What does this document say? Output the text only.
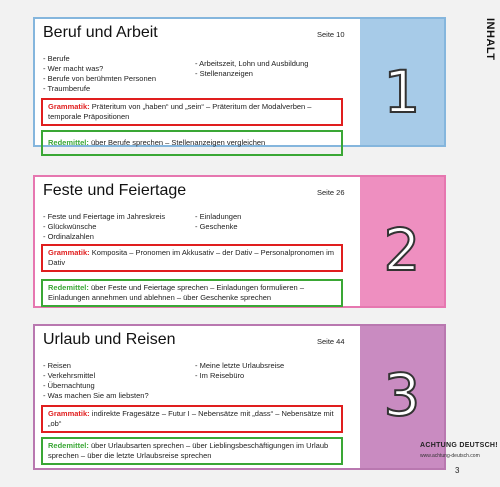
INHALT
1
Beruf und Arbeit	Seite 10
- Berufe
- Wer macht was?
- Berufe von berühmten Personen
- Traumberufe
- Arbeitszeit, Lohn und Ausbildung
- Stellenanzeigen
Grammatik: Präteritum von „haben“ und „sein“ – Präteritum der Modalverben – temporale Präpositionen
Redemittel: über Berufe sprechen – Stellenanzeigen vergleichen
2
Feste und Feiertage	Seite 26
- Feste und Feiertage im Jahreskreis
- Glückwünsche
- Ordinalzahlen
- Einladungen
- Geschenke
Grammatik: Komposita – Pronomen im Akkusativ – der Dativ – Personalpronomen im Dativ
Redemittel: über Feste und Feiertage sprechen – Einladungen formulieren – Einladungen annehmen und ablehnen – über Geschenke sprechen
3
Urlaub und Reisen	Seite 44
- Reisen
- Verkehrsmittel
- Übernachtung
- Was machen Sie am liebsten?
- Meine letzte Urlaubsreise
- Im Reisebüro
Grammatik: indirekte Fragesätze – Futur I – Nebensätze mit „dass“ – Nebensätze mit „ob“
Redemittel: über Urlaubsarten sprechen – über Lieblingsbeschäftigungen im Urlaub sprechen – über die letzte Urlaubsreise sprechen
ACHTUNG DEUTSCH!
www.achtung-deutsch.com
3
